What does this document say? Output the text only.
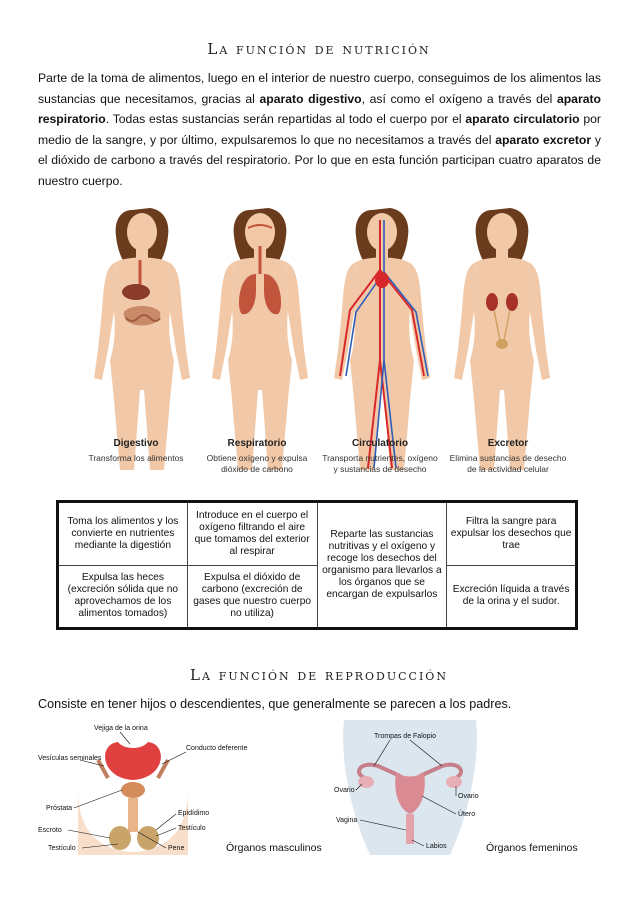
La función de nutrición
Parte de la toma de alimentos, luego en el interior de nuestro cuerpo, conseguimos de los alimentos las sustancias que necesitamos, gracias al aparato digestivo, así como el oxígeno a través del aparato respiratorio. Todas estas sustancias serán repartidas al todo el cuerpo por el aparato circulatorio por medio de la sangre, y por último, expulsaremos lo que no necesitamos a través del aparato excretor y el dióxido de carbono a través del respiratorio. Por lo que en esta función participan cuatro aparatos de nuestro cuerpo.
Digestivo
Transforma los alimentos
Respiratorio
Obtiene oxígeno y expulsa dióxido de carbono
Circulatorio
Transporta nutrientes, oxígeno y sustancias de desecho
Excretor
Elimina sustancias de desecho de la actividad celular
Toma los alimentos y los convierte en nutrientes mediante la digestión	Introduce en el cuerpo el oxígeno filtrando el aire que tomamos del exterior al respirar	Reparte las sustancias nutritivas y el oxígeno y recoge los desechos del organismo para llevarlos a los órganos que se encargan de expulsarlos	Filtra la sangre para expulsar los desechos que trae

Expulsa las heces (excreción sólida que no aprovechamos de los alimentos tomados)	Expulsa el dióxido de carbono (excreción de gases que nuestro cuerpo no utiliza)		Excreción líquida a través de la orina y el sudor.
La función de reproducción
Consiste en tener hijos o descendientes, que generalmente se parecen a los padres.
Vejiga de la orina
Vesículas seminales
Conducto deferente
Próstata
Epidídimo
Testículo
Escroto
Testículo	Pene
Trompas de Falopio
Ovario
Ovario
Útero
Vagina
Labios
Órganos masculinos	Órganos femeninos
